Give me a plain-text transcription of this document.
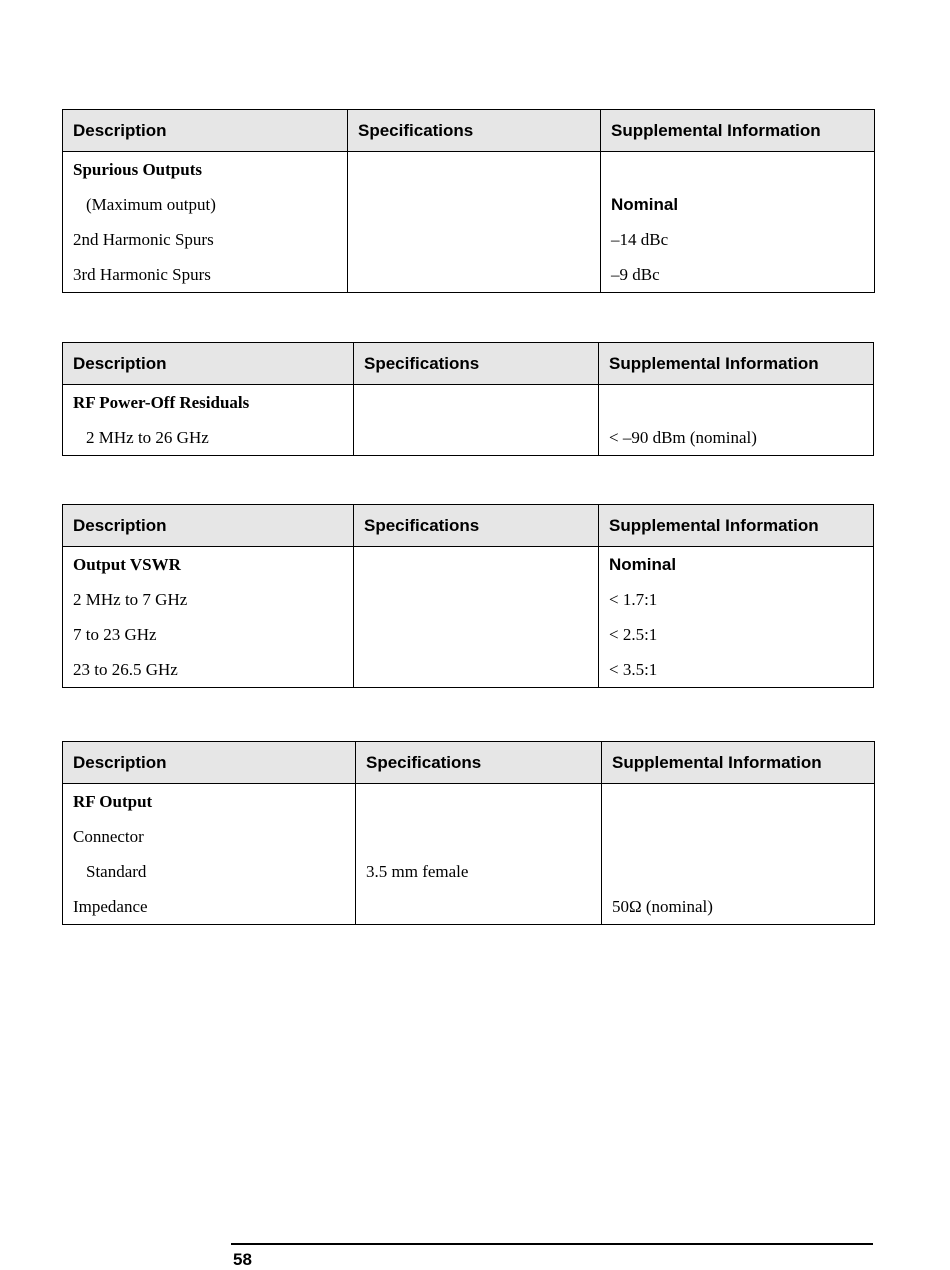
Description	Specifications	Supplemental Information
Spurious Outputs		
(Maximum output)		Nominal
2nd Harmonic Spurs		–14 dBc
3rd Harmonic Spurs		–9 dBc
Description	Specifications	Supplemental Information
RF Power-Off Residuals		
2 MHz to 26 GHz		< –90 dBm (nominal)
Description	Specifications	Supplemental Information
Output VSWR		Nominal
2 MHz to 7 GHz		< 1.7:1
7 to 23 GHz		< 2.5:1
23 to 26.5 GHz		< 3.5:1
Description	Specifications	Supplemental Information
RF Output		
Connector		
Standard	3.5 mm female	
Impedance		50Ω (nominal)
58
